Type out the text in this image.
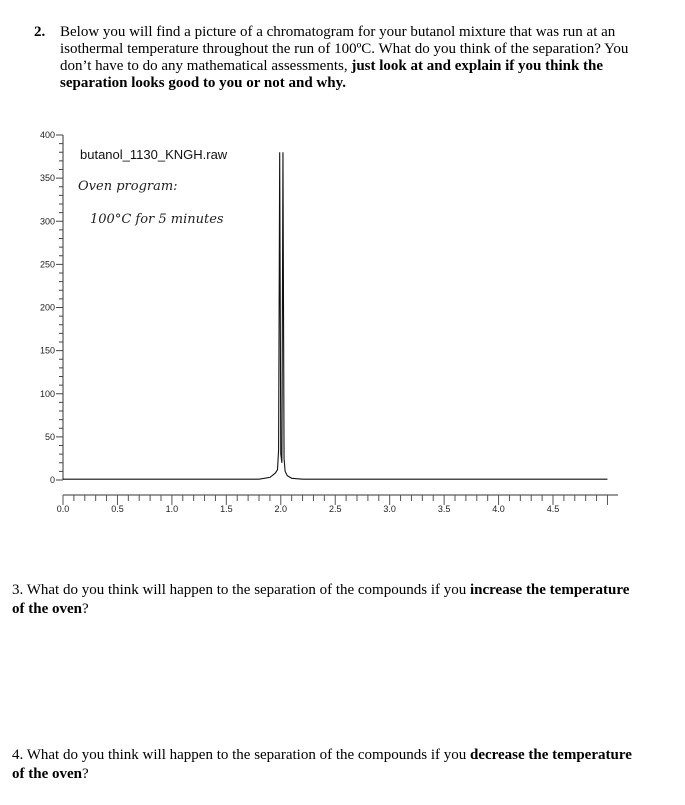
2. Below you will find a picture of a chromatogram for your butanol mixture that was run at an isothermal temperature throughout the run of 100ºC. What do you think of the separation? You don’t have to do any mathematical assessments, just look at and explain if you think the separation looks good to you or not and why.
0
50
100
150
200
250
300
350
400
0.0	0.5	1.0	1.5	2.0	2.5	3.0	3.5	4.0	4.5
butanol_1130_KNGH.raw
Oven program:
100°C for 5 minutes
3. What do you think will happen to the separation of the compounds if you increase the temperature of the oven?
4. What do you think will happen to the separation of the compounds if you decrease the temperature of the oven?
